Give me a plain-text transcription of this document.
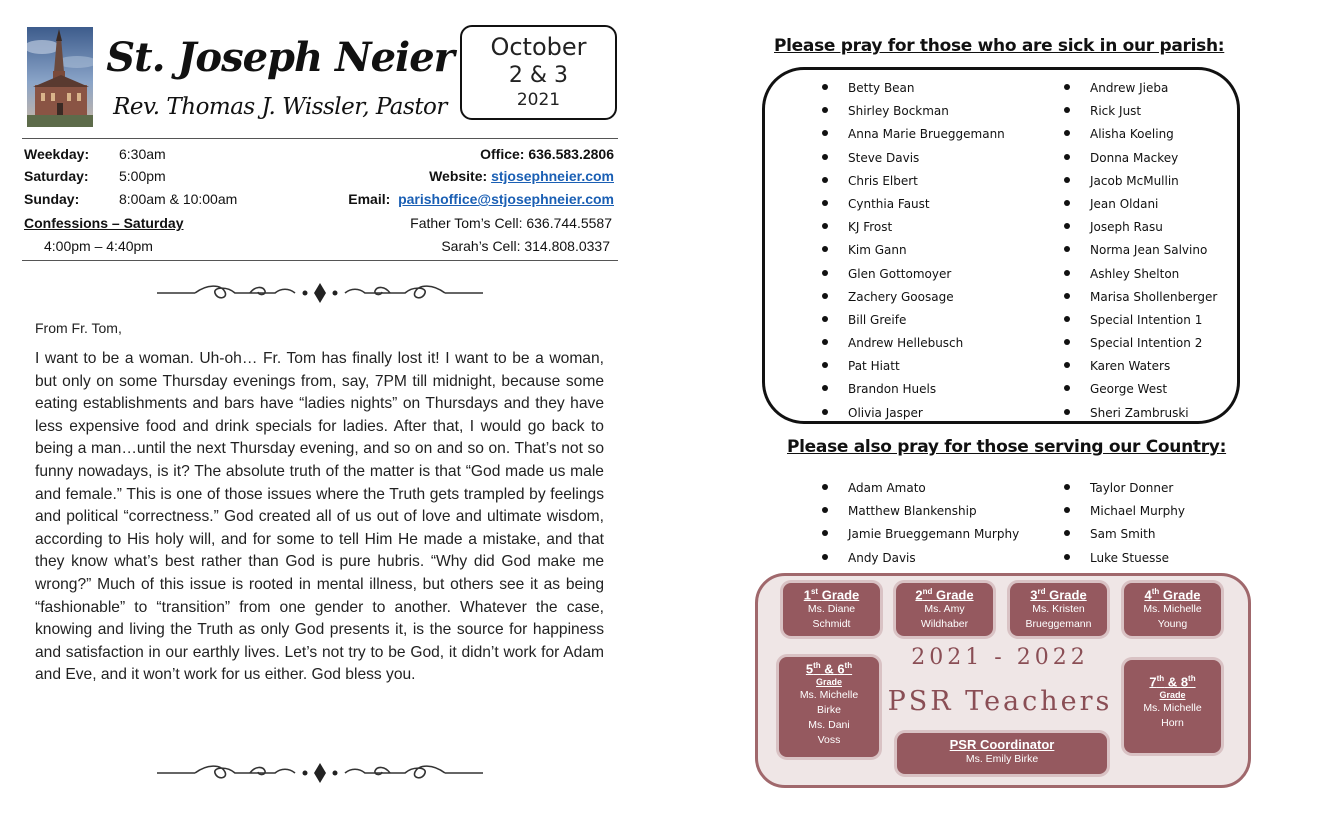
St. Joseph Neier
Rev. Thomas J. Wissler, Pastor
October
2 & 3
2021
Weekday: 6:30am
Saturday: 5:00pm
Sunday:	8:00am & 10:00am
Confessions – Saturday
4:00pm – 4:40pm
Office: 636.583.2806
Website: stjosephneier.com
Email: parishoffice@stjosephneier.com
Father Tom’s Cell: 636.744.5587
Sarah’s Cell: 314.808.0337
From Fr. Tom,
I want to be a woman. Uh-oh… Fr. Tom has finally lost it! I want to be a woman, but only on some Thursday evenings from, say, 7PM till midnight, because some eating establishments and bars have “ladies nights” on Thursdays and they have less expensive food and drink specials for ladies. After that, I would go back to being a man…until the next Thursday evening, and so on and so on. That’s not so funny nowadays, is it? The absolute truth of the matter is that “God made us male and female.” This is one of those issues where the Truth gets trampled by feelings and political “correctness.” God created all of us out of love and ultimate wisdom, according to His holy will, and for some to tell Him He made a mistake, and that they know what’s best rather than God is pure hubris. “Why did God make me wrong?” Much of this issue is rooted in mental illness, but others see it as being “fashionable” to “transition” from one gender to another. Whatever the case, knowing and living the Truth as only God presents it, is the source for happiness and satisfaction in our earthly lives. Let’s not try to be God, it didn’t work for Adam and Eve, and it won’t work for us either. God bless you.
Please pray for those who are sick in our parish:
Betty Bean
Shirley Bockman
Anna Marie Brueggemann
Steve Davis
Chris Elbert
Cynthia Faust
KJ Frost
Kim Gann
Glen Gottomoyer
Zachery Goosage
Bill Greife
Andrew Hellebusch
Pat Hiatt
Brandon Huels
Olivia Jasper
Andrew Jieba
Rick Just
Alisha Koeling
Donna Mackey
Jacob McMullin
Jean Oldani
Joseph Rasu
Norma Jean Salvino
Ashley Shelton
Marisa Shollenberger
Special Intention 1
Special Intention 2
Karen Waters
George West
Sheri Zambruski
Please also pray for those serving our Country:
Adam Amato
Matthew Blankenship
Jamie Brueggemann Murphy
Andy Davis
Taylor Donner
Michael Murphy
Sam Smith
Luke Stuesse
1st Grade
Ms. Diane
Schmidt
2nd Grade
Ms. Amy
Wildhaber
3rd Grade
Ms. Kristen
Brueggemann
4th Grade
Ms. Michelle
Young
5th & 6th
Grade
Ms. Michelle
Birke
Ms. Dani
Voss
7th & 8th
Grade
Ms. Michelle
Horn
2021 - 2022
PSR Teachers
PSR Coordinator
Ms. Emily Birke
